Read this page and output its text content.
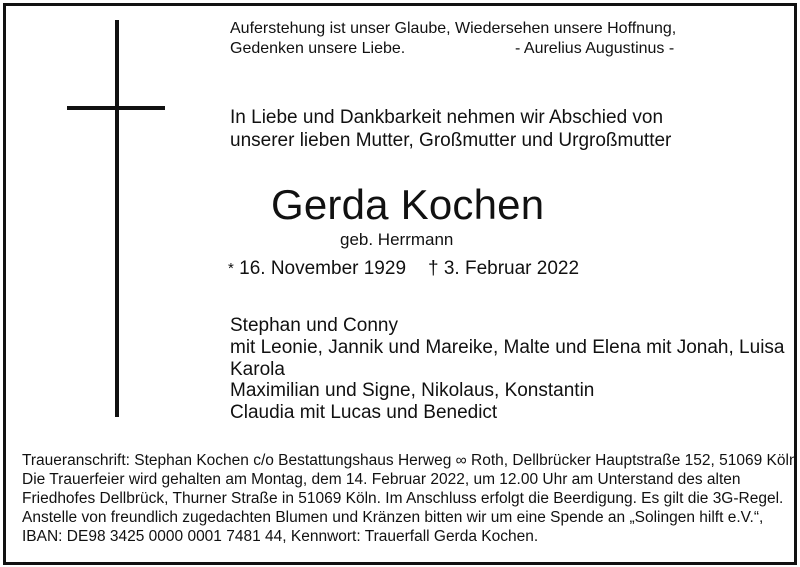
Auferstehung ist unser Glaube, Wiedersehen unsere Hoffnung,
Gedenken unsere Liebe.	- Aurelius Augustinus -
In Liebe und Dankbarkeit nehmen wir Abschied von
unserer lieben Mutter, Großmutter und Urgroßmutter
Gerda Kochen
geb. Herrmann
* 16. November 1929 † 3. Februar 2022
Stephan und Conny
mit Leonie, Jannik und Mareike, Malte und Elena mit Jonah, Luisa
Karola
Maximilian und Signe, Nikolaus, Konstantin
Claudia mit Lucas und Benedict
Traueranschrift: Stephan Kochen c/o Bestattungshaus Herweg ∞ Roth, Dellbrücker Hauptstraße 152, 51069 Köln
Die Trauerfeier wird gehalten am Montag, dem 14. Februar 2022, um 12.00 Uhr am Unterstand des alten
Friedhofes Dellbrück, Thurner Straße in 51069 Köln. Im Anschluss erfolgt die Beerdigung. Es gilt die 3G-Regel.
Anstelle von freundlich zugedachten Blumen und Kränzen bitten wir um eine Spende an „Solingen hilft e.V.“,
IBAN: DE98 3425 0000 0001 7481 44, Kennwort: Trauerfall Gerda Kochen.
